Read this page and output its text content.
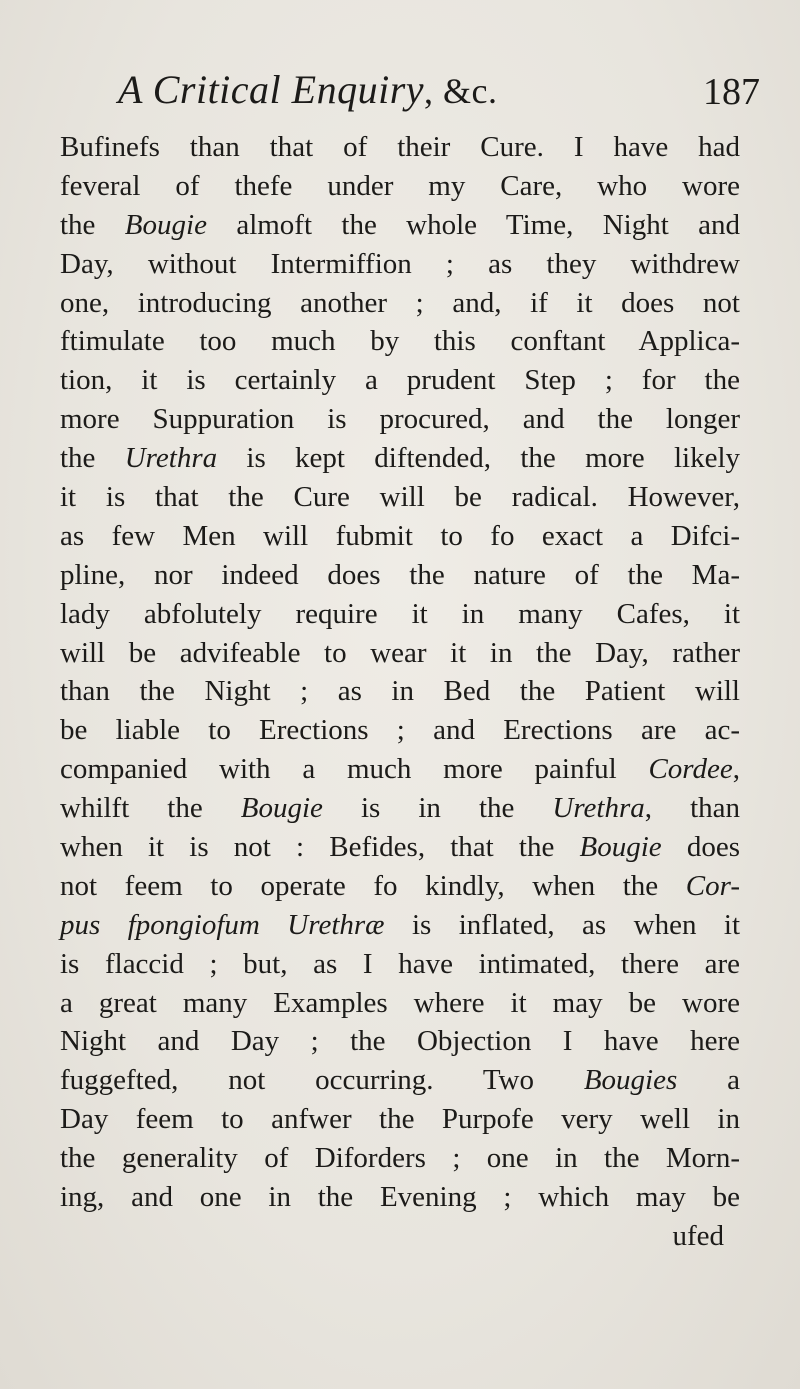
A Critical Enquiry, &c.	187
Bufinefs than that of their Cure. I have had
feveral of thefe under my Care, who wore
the Bougie almoft the whole Time, Night and
Day, without Intermiffion ; as they withdrew
one, introducing another ; and, if it does not
ftimulate too much by this conftant Applica-
tion, it is certainly a prudent Step ; for the
more Suppuration is procured, and the longer
the Urethra is kept diftended, the more likely
it is that the Cure will be radical. However,
as few Men will fubmit to fo exact a Difci-
pline, nor indeed does the nature of the Ma-
lady abfolutely require it in many Cafes, it
will be advifeable to wear it in the Day, rather
than the Night ; as in Bed the Patient will
be liable to Erections ; and Erections are ac-
companied with a much more painful Cordee,
whilft the Bougie is in the Urethra, than
when it is not : Befides, that the Bougie does
not feem to operate fo kindly, when the Cor-
pus fpongiofum Urethræ is inflated, as when it
is flaccid ; but, as I have intimated, there are
a great many Examples where it may be wore
Night and Day ; the Objection I have here
fuggefted, not occurring. Two Bougies a
Day feem to anfwer the Purpofe very well in
the generality of Diforders ; one in the Morn-
ing, and one in the Evening ; which may be
ufed
